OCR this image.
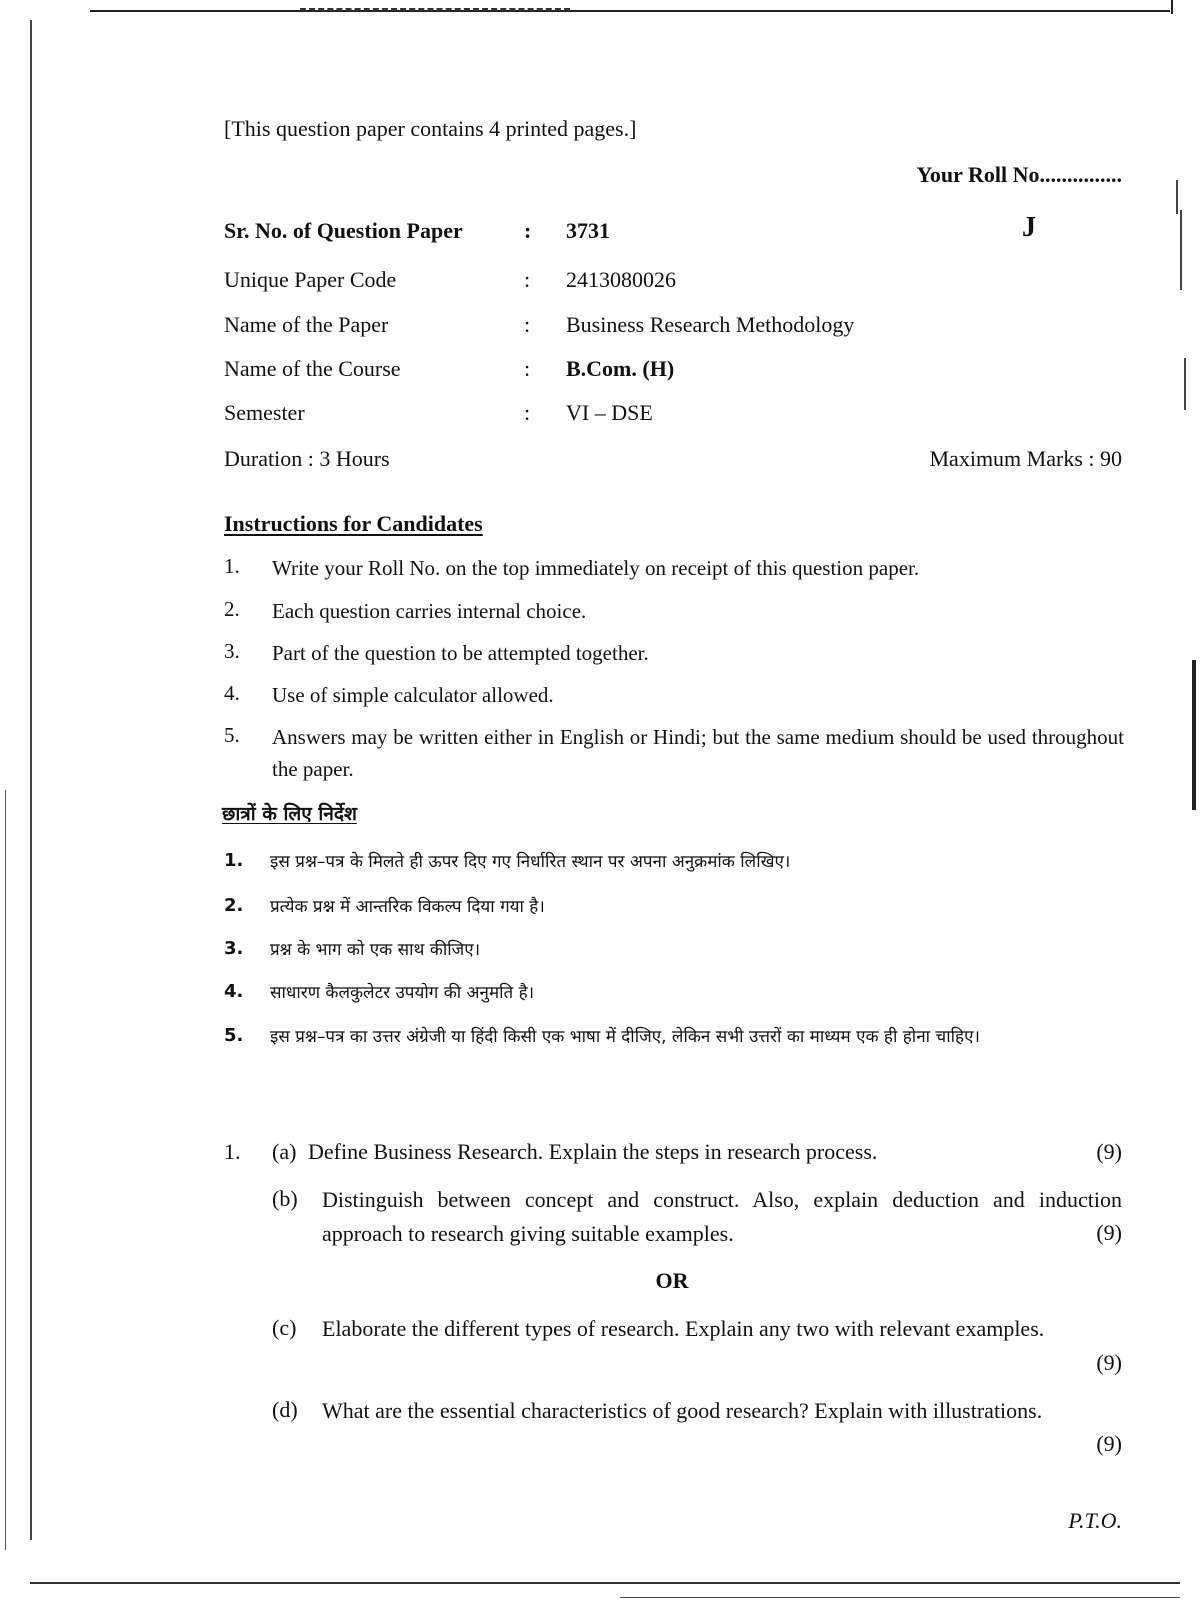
[This question paper contains 4 printed pages.]
Your Roll No...............
J
Sr. No. of Question Paper	: 3731
Unique Paper Code	: 2413080026
Name of the Paper	: Business Research Methodology
Name of the Course	: B.Com. (H)
Semester	: VI – DSE
Duration : 3 Hours	Maximum Marks : 90
Instructions for Candidates
1. Write your Roll No. on the top immediately on receipt of this question paper.
2. Each question carries internal choice.
3. Part of the question to be attempted together.
4. Use of simple calculator allowed.
5. Answers may be written either in English or Hindi; but the same medium should be used throughout the paper.
छात्रों के लिए निर्देश
1. इस प्रश्न–पत्र के मिलते ही ऊपर दिए गए निर्धारित स्थान पर अपना अनुक्रमांक लिखिए।
2. प्रत्येक प्रश्न में आन्तरिक विकल्प दिया गया है।
3. प्रश्न के भाग को एक साथ कीजिए।
4. साधारण कैलकुलेटर उपयोग की अनुमति है।
5. इस प्रश्न–पत्र का उत्तर अंग्रेजी या हिंदी किसी एक भाषा में दीजिए, लेकिन सभी उत्तरों का माध्यम एक ही होना चाहिए।
1. (a) Define Business Research. Explain the steps in research process.	(9)
(b) Distinguish between concept and construct. Also, explain deduction and induction approach to research giving suitable examples.	(9)
OR
(c) Elaborate the different types of research. Explain any two with relevant examples.
(9)
(d) What are the essential characteristics of good research? Explain with illustrations.
(9)
P.T.O.
